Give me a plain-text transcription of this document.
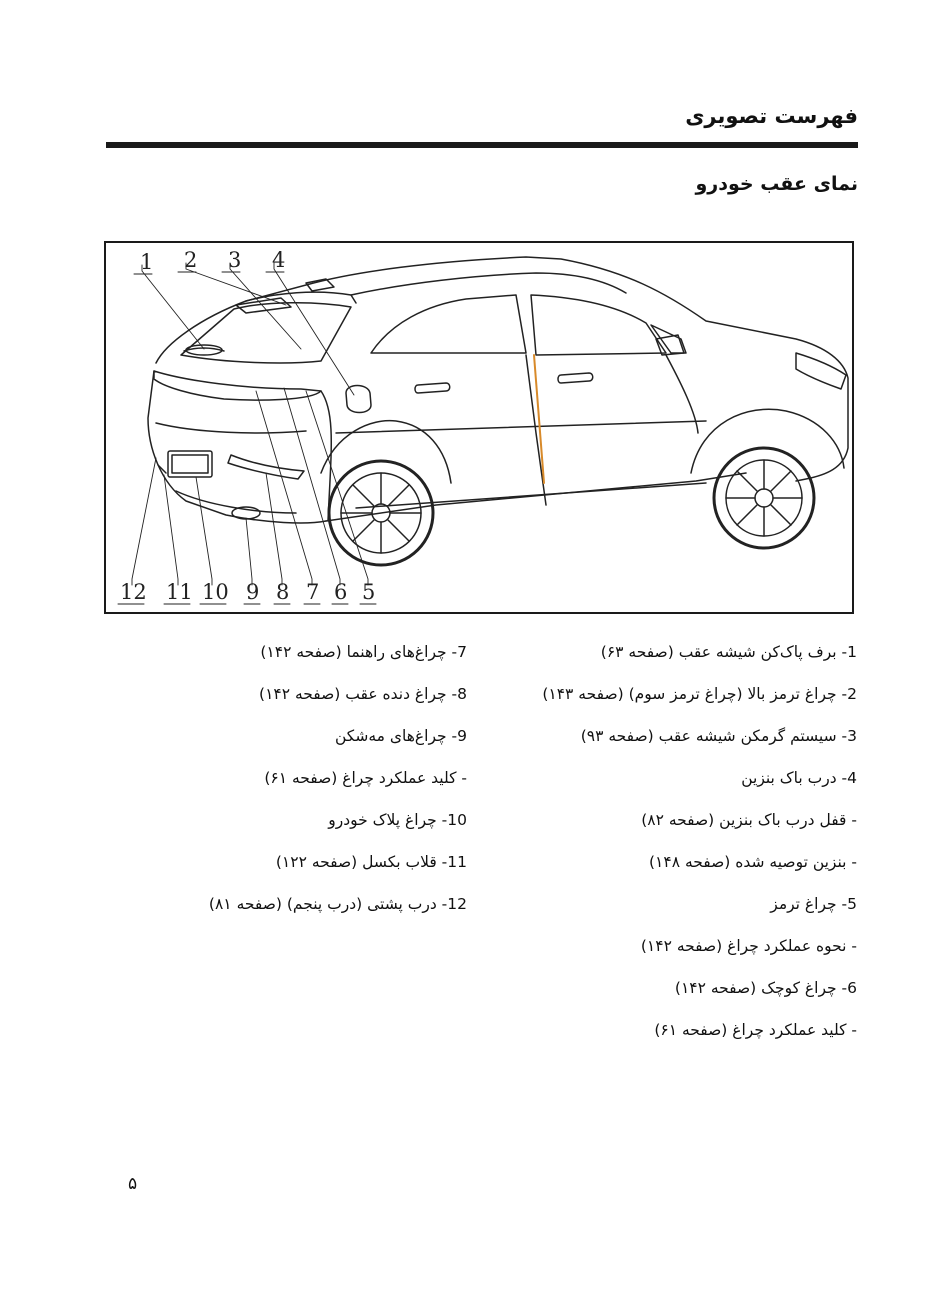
فهرست تصویری
نمای عقب خودرو
1 2 3 4
12 11 10 9 8 7 6 5
1- برف پاک‌کن شیشه عقب (صفحه ۶۳)
2- چراغ ترمز بالا (چراغ ترمز سوم) (صفحه ۱۴۳)
3- سیستم گرمکن شیشه عقب (صفحه ۹۳)
4- درب باک بنزین
- قفل درب باک بنزین (صفحه ۸۲)
- بنزین توصیه شده (صفحه ۱۴۸)
5- چراغ ترمز
- نحوه عملکرد چراغ (صفحه ۱۴۲)
6- چراغ کوچک (صفحه ۱۴۲)
- کلید عملکرد چراغ (صفحه ۶۱)
7- چراغ‌های راهنما (صفحه ۱۴۲)
8- چراغ دنده عقب (صفحه ۱۴۲)
9- چراغ‌های مه‌شکن
- کلید عملکرد چراغ (صفحه ۶۱)
10- چراغ پلاک خودرو
11- قلاب بکسل (صفحه ۱۲۲)
12- درب پشتی (درب پنجم) (صفحه ۸۱)
۵
